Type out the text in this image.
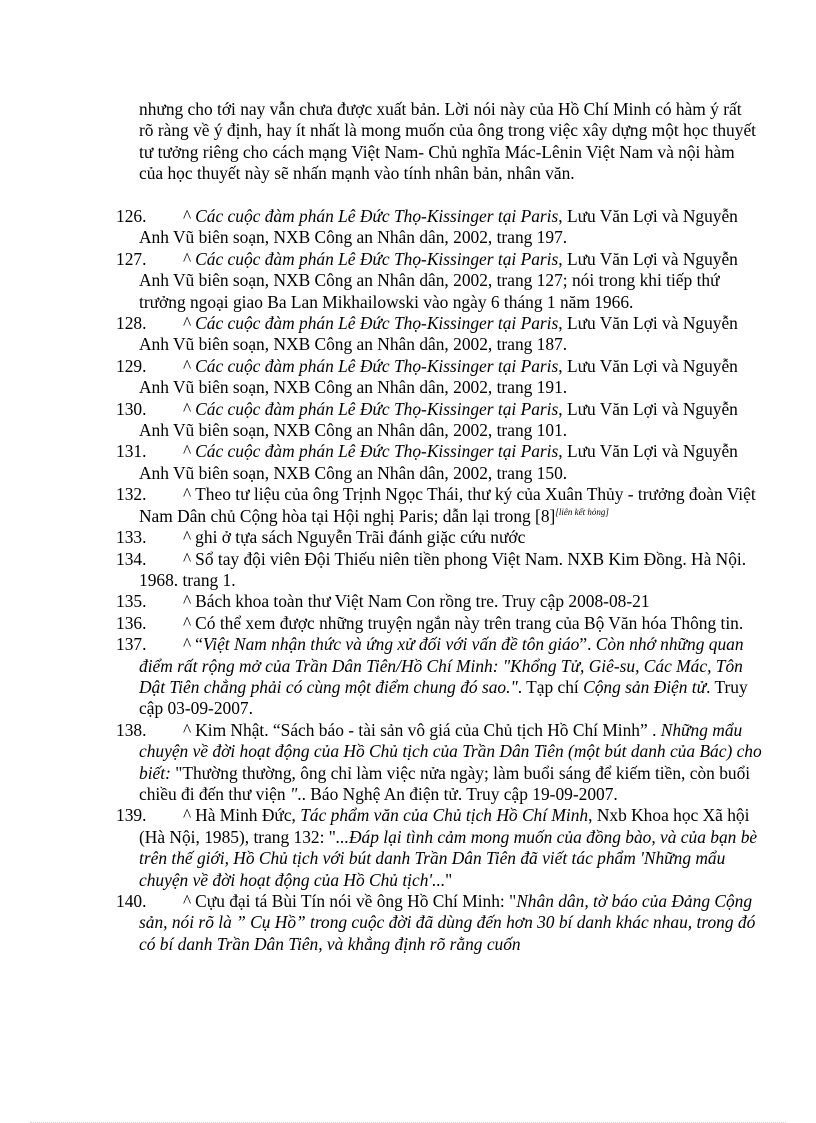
nhưng cho tới nay vẫn chưa được xuất bản. Lời nói này của Hồ Chí Minh có hàm ý rất rõ ràng về ý định, hay ít nhất là mong muốn của ông trong việc xây dựng một học thuyết tư tưởng riêng cho cách mạng Việt Nam- Chủ nghĩa Mác-Lênin Việt Nam và nội hàm của học thuyết này sẽ nhấn mạnh vào tính nhân bản, nhân văn.

126.	^ Các cuộc đàm phán Lê Đức Thọ-Kissinger tại Paris, Lưu Văn Lợi và Nguyễn Anh Vũ biên soạn, NXB Công an Nhân dân, 2002, trang 197.
127.	^ Các cuộc đàm phán Lê Đức Thọ-Kissinger tại Paris, Lưu Văn Lợi và Nguyễn Anh Vũ biên soạn, NXB Công an Nhân dân, 2002, trang 127; nói trong khi tiếp thứ trưởng ngoại giao Ba Lan Mikhailowski vào ngày 6 tháng 1 năm 1966.
128.	^ Các cuộc đàm phán Lê Đức Thọ-Kissinger tại Paris, Lưu Văn Lợi và Nguyễn Anh Vũ biên soạn, NXB Công an Nhân dân, 2002, trang 187.
129.	^ Các cuộc đàm phán Lê Đức Thọ-Kissinger tại Paris, Lưu Văn Lợi và Nguyễn Anh Vũ biên soạn, NXB Công an Nhân dân, 2002, trang 191.
130.	^ Các cuộc đàm phán Lê Đức Thọ-Kissinger tại Paris, Lưu Văn Lợi và Nguyễn Anh Vũ biên soạn, NXB Công an Nhân dân, 2002, trang 101.
131.	^ Các cuộc đàm phán Lê Đức Thọ-Kissinger tại Paris, Lưu Văn Lợi và Nguyễn Anh Vũ biên soạn, NXB Công an Nhân dân, 2002, trang 150.
132.	^ Theo tư liệu của ông Trịnh Ngọc Thái, thư ký của Xuân Thủy - trưởng đoàn Việt Nam Dân chủ Cộng hòa tại Hội nghị Paris; dẫn lại trong [8][liên kết hỏng]
133.	^ ghi ở tựa sách Nguyễn Trãi đánh giặc cứu nước
134.	^ Sổ tay đội viên Đội Thiếu niên tiền phong Việt Nam. NXB Kim Đồng. Hà Nội. 1968. trang 1.
135.	^ Bách khoa toàn thư Việt Nam Con rồng tre. Truy cập 2008-08-21
136.	^ Có thể xem được những truyện ngắn này trên trang của Bộ Văn hóa Thông tin.
137.	^ “Việt Nam nhận thức và ứng xử đối với vấn đề tôn giáo”. Còn nhớ những quan điểm rất rộng mở của Trần Dân Tiên/Hồ Chí Minh: "Khổng Tử, Giê-su, Các Mác, Tôn Dật Tiên chẳng phải có cùng một điểm chung đó sao.". Tạp chí Cộng sản Điện tử. Truy cập 03-09-2007.
138.	^ Kim Nhật. “Sách báo - tài sản vô giá của Chủ tịch Hồ Chí Minh” . Những mẩu chuyện về đời hoạt động của Hồ Chủ tịch của Trần Dân Tiên (một bút danh của Bác) cho biết: "Thường thường, ông chỉ làm việc nửa ngày; làm buổi sáng để kiếm tiền, còn buổi chiều đi đến thư viện ".. Báo Nghệ An điện tử. Truy cập 19-09-2007.
139.	^ Hà Minh Đức, Tác phẩm văn của Chủ tịch Hồ Chí Minh, Nxb Khoa học Xã hội (Hà Nội, 1985), trang 132: "...Đáp lại tình cảm mong muốn của đồng bào, và của bạn bè trên thế giới, Hồ Chủ tịch với bút danh Trần Dân Tiên đã viết tác phẩm 'Những mẩu chuyện về đời hoạt động của Hồ Chủ tịch'..."
140.	^ Cựu đại tá Bùi Tín nói về ông Hồ Chí Minh: "Nhân dân, tờ báo của Đảng Cộng sản, nói rõ là ” Cụ Hồ” trong cuộc đời đã dùng đến hơn 30 bí danh khác nhau, trong đó có bí danh Trần Dân Tiên, và khẳng định rõ rằng cuốn
